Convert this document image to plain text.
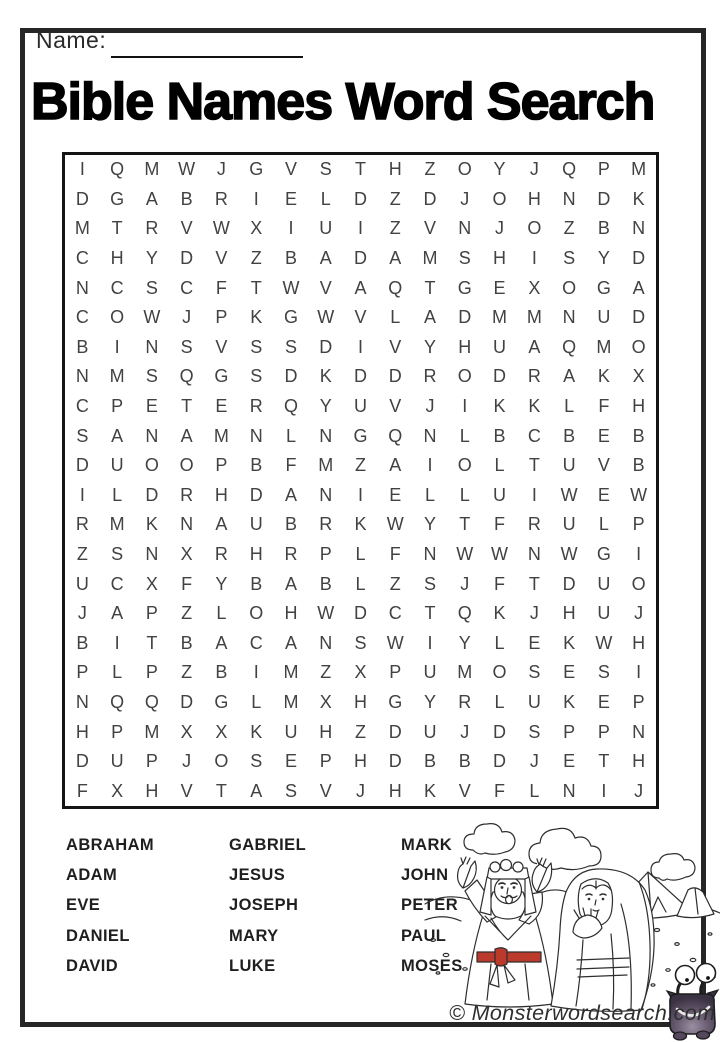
Name:
Bible Names Word Search
I	Q	M	W	J	G	V	S	T	H	Z	O	Y	J	Q	P	M
D	G	A	B	R	I	E	L	D	Z	D	J	O	H	N	D	K
M	T	R	V	W	X	I	U	I	Z	V	N	J	O	Z	B	N
C	H	Y	D	V	Z	B	A	D	A	M	S	H	I	S	Y	D
N	C	S	C	F	T	W	V	A	Q	T	G	E	X	O	G	A
C	O	W	J	P	K	G	W	V	L	A	D	M	M	N	U	D
B	I	N	S	V	S	S	D	I	V	Y	H	U	A	Q	M	O
N	M	S	Q	G	S	D	K	D	D	R	O	D	R	A	K	X
C	P	E	T	E	R	Q	Y	U	V	J	I	K	K	L	F	H
S	A	N	A	M	N	L	N	G	Q	N	L	B	C	B	E	B
D	U	O	O	P	B	F	M	Z	A	I	O	L	T	U	V	B
I	L	D	R	H	D	A	N	I	E	L	L	U	I	W	E	W
R	M	K	N	A	U	B	R	K	W	Y	T	F	R	U	L	P
Z	S	N	X	R	H	R	P	L	F	N	W W	N	W	G	I
U	C	X	F	Y	B	A	B	L	Z	S	J	F	T	D	U	O
J	A	P	Z	L	O	H	W	D	C	T	Q	K	J	H	U	J
B	I	T	B	A	C	A	N	S	W	I	Y	L	E	K	W	H
P	L	P	Z	B	I	M	Z	X	P	U	M	O	S	E	S	I
N	Q	Q	D	G	L	M	X	H	G	Y	R	L	U	K	E	P
H	P	M	X	X	K	U	H	Z	D	U	J	D	S	P	P	N
D	U	P	J	O	S	E	P	H	D	B	B	D	J	E	T	H
F	X	H	V	T	A	S	V	J	H	K	V	F	L	N	I	J
ABRAHAM
ADAM
EVE
DANIEL
DAVID
GABRIEL
JESUS
JOSEPH
MARY
LUKE
MARK
JOHN
PETER
PAUL
MOSES
© Monsterwordsearch.com
